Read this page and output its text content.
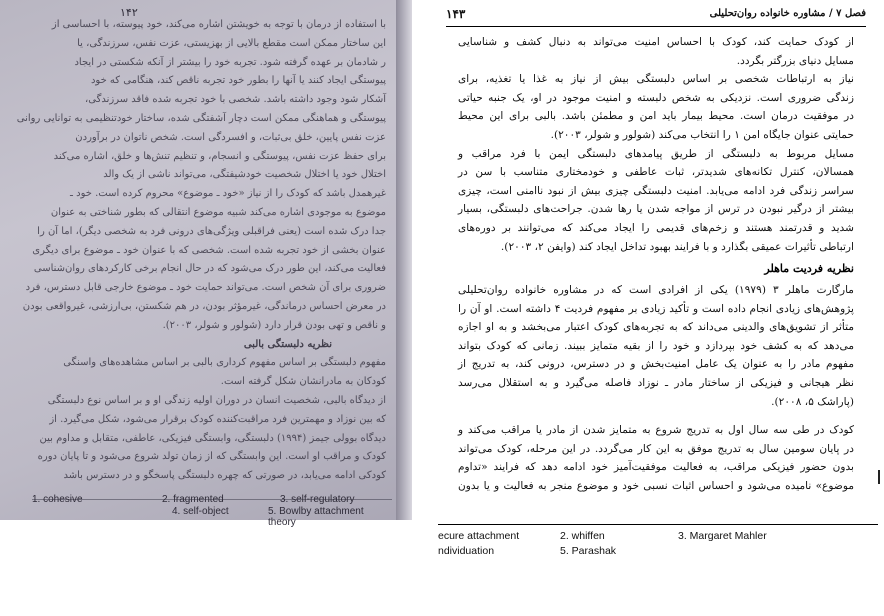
۱۴۲
با استفاده از درمان با توجه به خویشتن اشاره می‌کند، خود پیوسته، با احساسی از
این ساختار ممکن است مقطع بالایی از بهزیستی، عزت نفس، سرزندگی، یا
ر شادمان بر عهده گرفته شود. تجربه خود را بیشتر از آنکه شکستی در ایجاد
پیوستگی ایجاد کنند یا آنها را بطور خود تجربه ناقص کند، هنگامی که خود
آشکار شود وجود داشته باشد. شخصی با خود تجربه شده فاقد سرزندگی،
پیوستگی و هماهنگی ممکن است دچار آشفتگی شده، ساختار خودتنظیمی به توانایی روانی
عزت نفس پایین، خلق بی‌ثبات، و افسردگی است. شخص ناتوان در برآوردن
برای حفظ عزت نفس، پیوستگی و انسجام، و تنظیم تنش‌ها و خلق، اشاره می‌کند
اختلال خود یا اختلال شخصیت خودشیفتگی، می‌تواند ناشی از یک والد
غیرهمدل باشد که کودک را از نیاز «خود ـ موضوع» محروم کرده است. خود ـ
موضوع به موجودی اشاره می‌کند شبیه موضوع انتقالی که بطور شناختی به عنوان
جدا درک شده است (یعنی فراقبلی ویژگی‌های درونی فرد به شخصی دیگر)، اما آن را
عنوان بخشی از خود تجربه شده است. شخصی که با عنوان خود ـ موضوع برای دیگری
فعالیت می‌کند، این طور درک می‌شود که در حال انجام برخی کارکردهای روان‌شناسی
ضروری برای آن شخص است. می‌تواند حمایت خود ـ موضوع خارجی قابل دسترس، فرد
در معرض احساس درماندگی، غیرمؤثر بودن، در هم شکستن، بی‌ارزشی، غیرواقعی بودن
و ناقص و تهی بودن قرار دارد (شولور و شولر، ۲۰۰۳).
نظریه دلبستگی بالبی
مفهوم دلبستگی بر اساس مفهوم کرداری بالبی بر اساس مشاهده‌های واسنگی
کودکان به مادرانشان شکل گرفته است.
از دیدگاه بالبی، شخصیت انسان در دوران اولیه زندگی او و بر اساس نوع دلبستگی
که بین نوزاد و مهمترین فرد مراقبت‌کننده کودک برقرار می‌شود، شکل می‌گیرد. از
دیدگاه بوولی جیمز (۱۹۹۴) دلبستگی، وابستگی فیزیکی، عاطفی، متقابل و مداوم بین
کودک و مراقب او است. این وابستگی که از زمان تولد شروع می‌شود و تا پایان دوره
کودکی ادامه می‌یابد، در صورتی که چهره دلبستگی پاسخگو و در دسترس باشد
1. cohesive	2. fragmented	3. self-regulatory
4. self-object	5. Bowlby attachment theory
فصل ۷ / مشاوره خانواده روان‌تحلیلی
۱۴۳
از کودک حمایت کند، کودک با احساس امنیت می‌تواند به دنبال کشف و شناسایی
مسایل دنیای بزرگتر بگردد.
نیاز به ارتباطات شخصی بر اساس دلبستگی بیش از نیاز به غذا یا تغذیه، برای
زندگی ضروری است. نزدیکی به شخص دلبسته و امنیت موجود در او، یک جنبه حیاتی
در موفقیت درمان است. محیط بیمار باید امن و مطمئن باشد. بالبی برای این محیط
حمایتی عنوان جایگاه امن ۱ را انتخاب می‌کند (شولور و شولر، ۲۰۰۳).
مسایل مربوط به دلبستگی از طریق پیامدهای دلبستگی ایمن با فرد مراقب و
همسالان، کنترل تکانه‌های شدیدتر، ثبات عاطفی و خودمختاری متناسب با سن در
سراسر زندگی فرد ادامه می‌یابد. امنیت دلبستگی چیزی بیش از نبود ناامنی است، چیزی
بیشتر از درگیر نبودن در ترس از مواجه شدن یا رها شدن. جراحت‌های دلبستگی، بسیار
شدید و قدرتمند هستند و زخم‌های قدیمی را ایجاد می‌کند که می‌توانند بر دوره‌های
ارتباطی تأثیرات عمیقی بگذارد و با فرایند بهبود تداخل ایجاد کند (وایفن ۲، ۲۰۰۳).
نظریه فردیت ماهلر
مارگارت ماهلر ۳ (۱۹۷۹) یکی از افرادی است که در مشاوره خانواده روان‌تحلیلی
پژوهش‌های زیادی انجام داده است و تأکید زیادی بر مفهوم فردیت ۴ داشته است. او آن را
متأثر از تشویق‌های والدینی می‌داند که به تجربه‌های کودک اعتبار می‌بخشد و به او اجازه
می‌دهد که به کشف خود بپردازد و خود را از بقیه متمایز ببیند. زمانی که کودک بتواند
مفهوم مادر را به عنوان یک عامل امنیت‌بخش و در دسترس، درونی کند، به تدریج از
نظر هیجانی و فیزیکی از ساختار مادر ـ نوزاد فاصله می‌گیرد و به استقلال می‌رسد
(پاراشک ۵، ۲۰۰۸).
کودک در طی سه سال اول به تدریج شروع به متمایز شدن از مادر یا مراقب می‌کند و
در پایان سومین سال به تدریج موفق به این کار می‌گردد. در این مرحله، کودک می‌تواند
بدون حضور فیزیکی مراقب، به فعالیت موفقیت‌آمیز خود ادامه دهد که فرایند «تداوم
موضوع» نامیده می‌شود و احساس اثبات نسبی خود و موضوع منجر به فعالیت و یا بدون
ecure attachment	2. whiffen	3. Margaret Mahler
ndividuation	5. Parashak
